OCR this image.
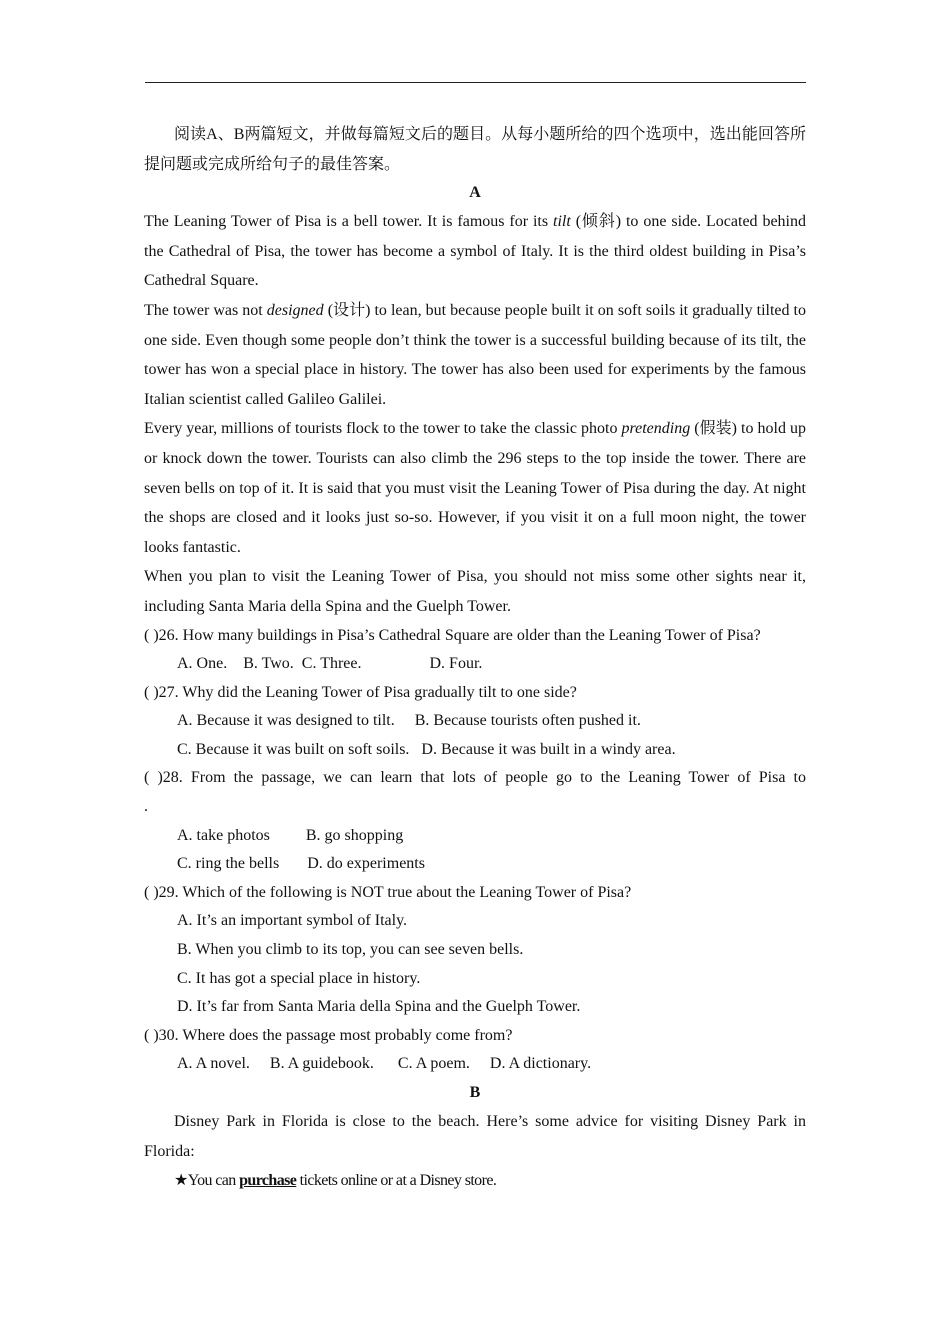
阅读A、B两篇短文，并做每篇短文后的题目。从每小题所给的四个选项中，选出能回答所提问题或完成所给句子的最佳答案。

A

The Leaning Tower of Pisa is a bell tower. It is famous for its tilt (倾斜) to one side. Located behind the Cathedral of Pisa, the tower has become a symbol of Italy. It is the third oldest building in Pisa’s Cathedral Square.

The tower was not designed (设计) to lean, but because people built it on soft soils it gradually tilted to one side. Even though some people don’t think the tower is a successful building because of its tilt, the tower has won a special place in history. The tower has also been used for experiments by the famous Italian scientist called Galileo Galilei.

Every year, millions of tourists flock to the tower to take the classic photo pretending (假装) to hold up or knock down the tower. Tourists can also climb the 296 steps to the top inside the tower. There are seven bells on top of it. It is said that you must visit the Leaning Tower of Pisa during the day. At night the shops are closed and it looks just so-so. However, if you visit it on a full moon night, the tower looks fantastic.

When you plan to visit the Leaning Tower of Pisa, you should not miss some other sights near it, including Santa Maria della Spina and the Guelph Tower.

( )26. How many buildings in Pisa’s Cathedral Square are older than the Leaning Tower of Pisa?

A. One.    B. Two.  C. Three.                 D. Four.

( )27. Why did the Leaning Tower of Pisa gradually tilt to one side?

A. Because it was designed to tilt.     B. Because tourists often pushed it.

C. Because it was built on soft soils.   D. Because it was built in a windy area.

( )28. From the passage, we can learn that lots of people go to the Leaning Tower of Pisa to

.

A. take photos         B. go shopping

C. ring the bells       D. do experiments

( )29. Which of the following is NOT true about the Leaning Tower of Pisa?

A. It’s an important symbol of Italy.

B. When you climb to its top, you can see seven bells.

C. It has got a special place in history.

D. It’s far from Santa Maria della Spina and the Guelph Tower.

( )30. Where does the passage most probably come from?

A. A novel.     B. A guidebook.      C. A poem.     D. A dictionary.

B

Disney Park in Florida is close to the beach. Here’s some advice for visiting Disney Park in Florida:

★You can purchase tickets online or at a Disney store.
